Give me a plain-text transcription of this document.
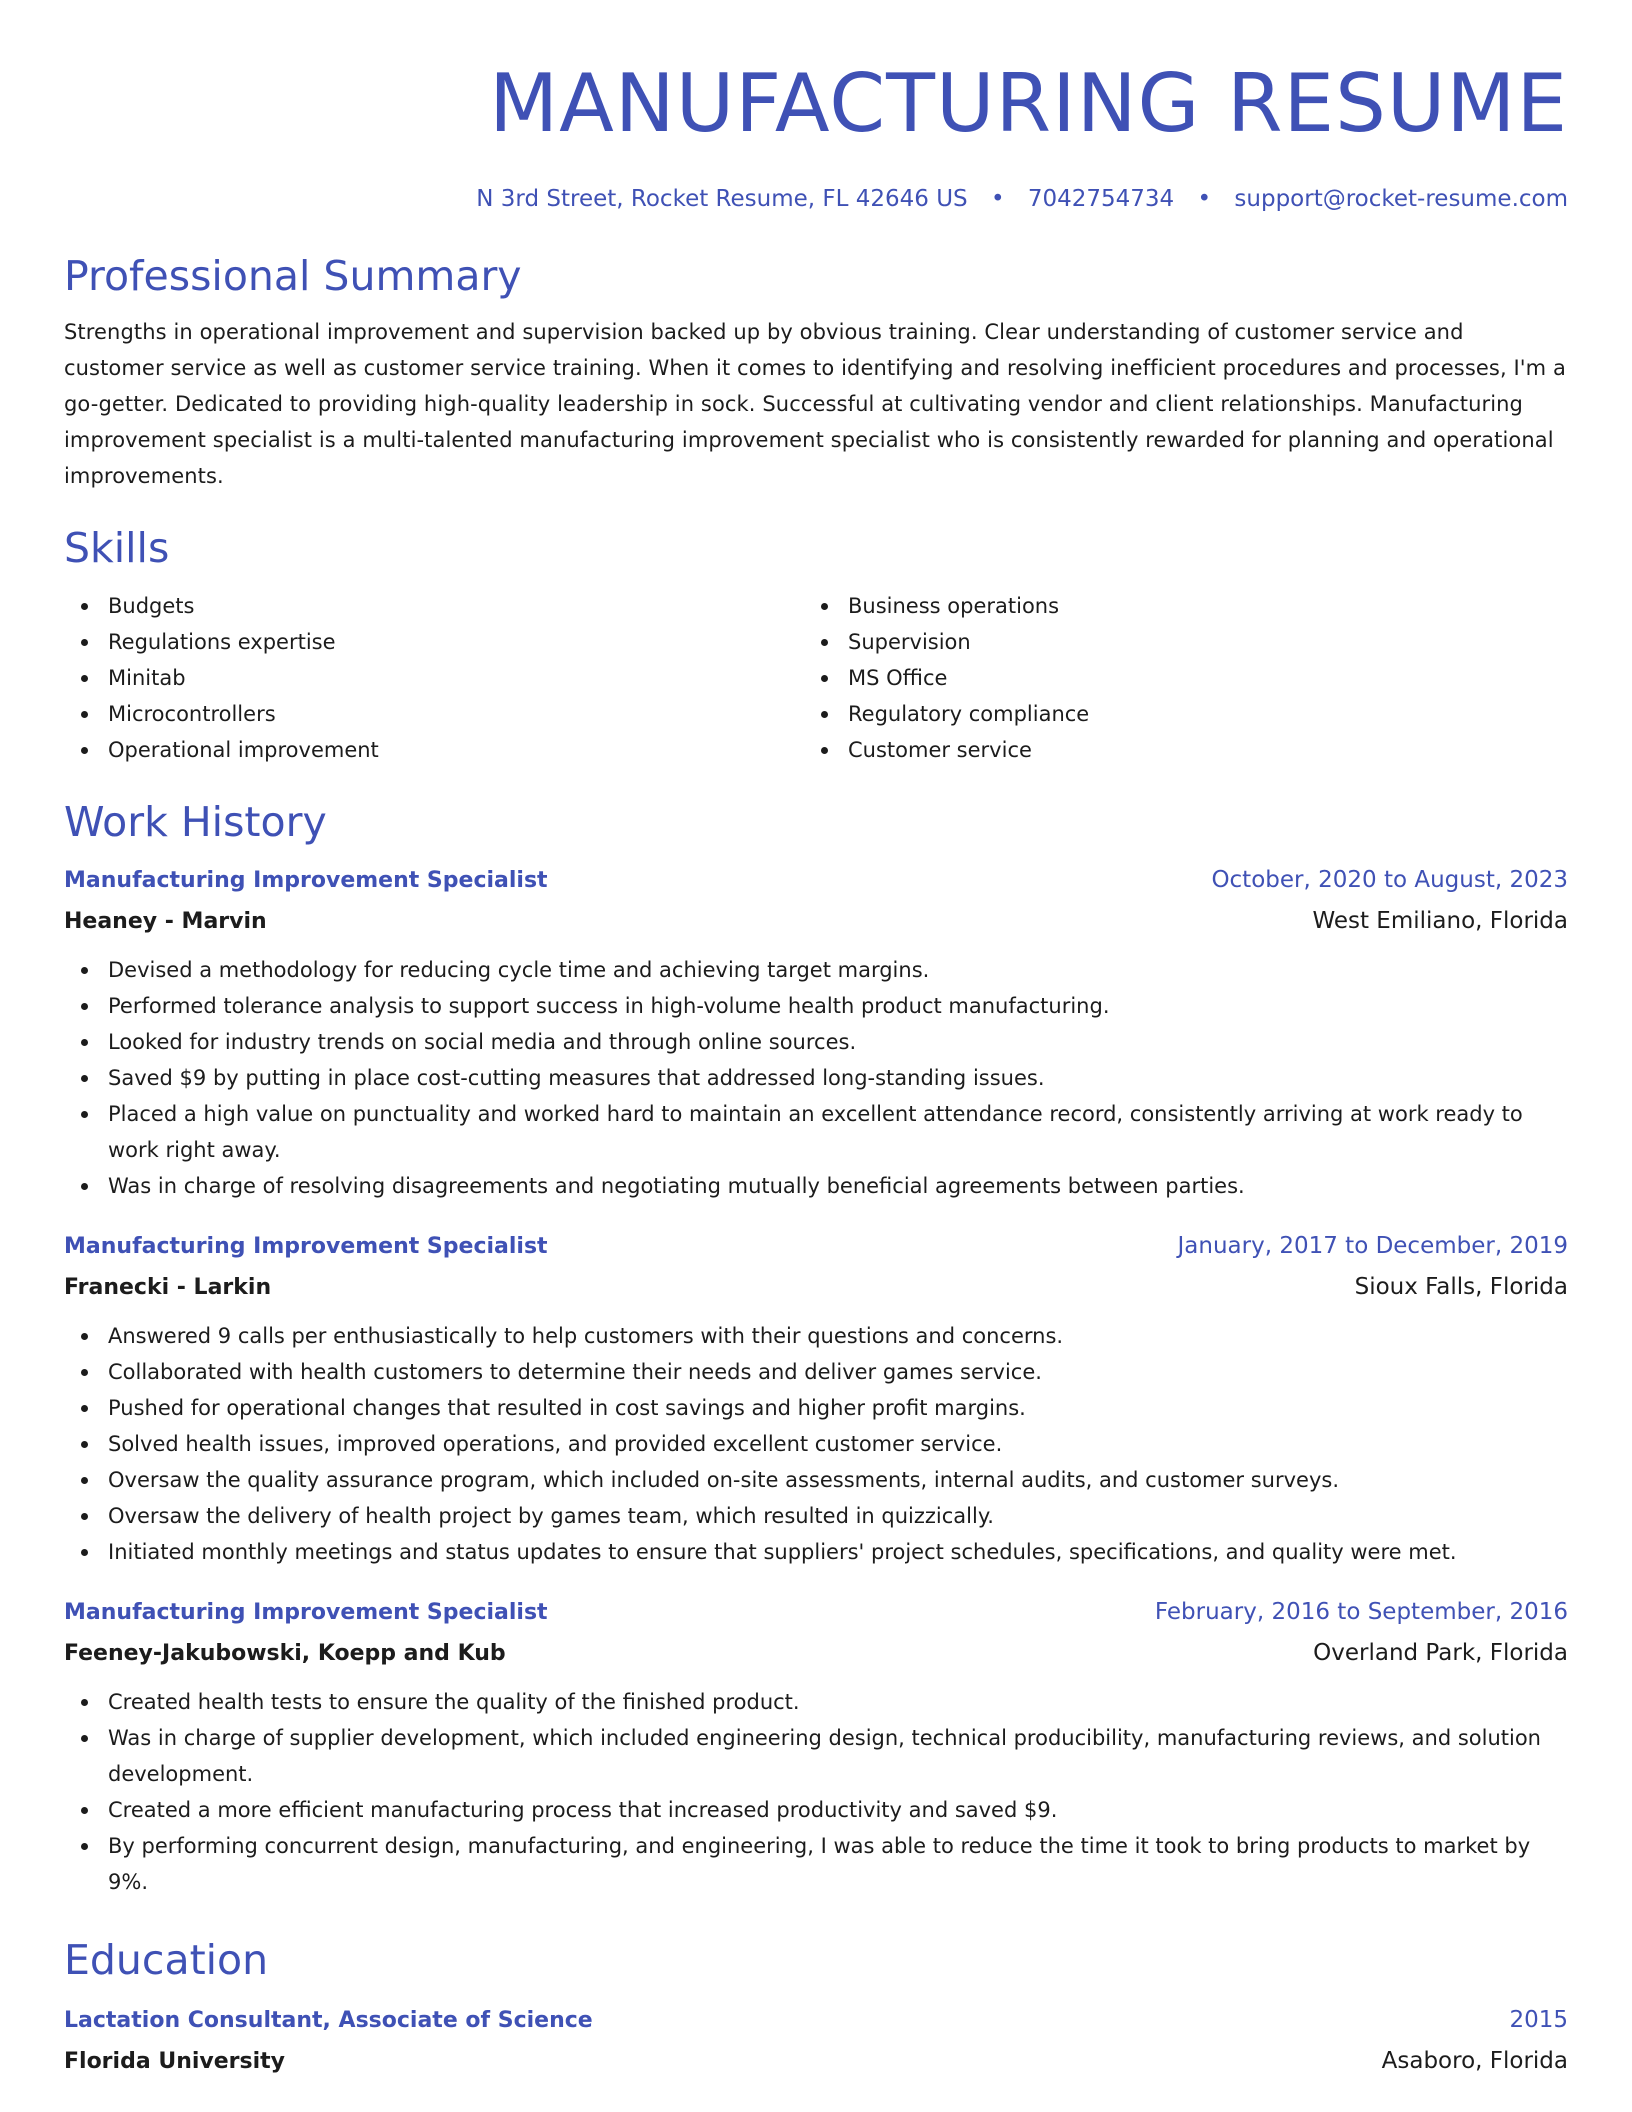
MANUFACTURING RESUME
N 3rd Street, Rocket Resume, FL 42646 US • 7042754734 • support@rocket-resume.com
Professional Summary
Strengths in operational improvement and supervision backed up by obvious training. Clear understanding of customer service and customer service as well as customer service training. When it comes to identifying and resolving inefficient procedures and processes, I'm a go-getter. Dedicated to providing high-quality leadership in sock. Successful at cultivating vendor and client relationships. Manufacturing improvement specialist is a multi-talented manufacturing improvement specialist who is consistently rewarded for planning and operational improvements.
Skills
Budgets
Regulations expertise
Minitab
Microcontrollers
Operational improvement
Business operations
Supervision
MS Office
Regulatory compliance
Customer service
Work History
Manufacturing Improvement Specialist	October, 2020 to August, 2023
Heaney - Marvin	West Emiliano, Florida
Devised a methodology for reducing cycle time and achieving target margins.
Performed tolerance analysis to support success in high-volume health product manufacturing.
Looked for industry trends on social media and through online sources.
Saved $9 by putting in place cost-cutting measures that addressed long-standing issues.
Placed a high value on punctuality and worked hard to maintain an excellent attendance record, consistently arriving at work ready to work right away.
Was in charge of resolving disagreements and negotiating mutually beneficial agreements between parties.
Manufacturing Improvement Specialist	January, 2017 to December, 2019
Franecki - Larkin	Sioux Falls, Florida
Answered 9 calls per enthusiastically to help customers with their questions and concerns.
Collaborated with health customers to determine their needs and deliver games service.
Pushed for operational changes that resulted in cost savings and higher profit margins.
Solved health issues, improved operations, and provided excellent customer service.
Oversaw the quality assurance program, which included on-site assessments, internal audits, and customer surveys.
Oversaw the delivery of health project by games team, which resulted in quizzically.
Initiated monthly meetings and status updates to ensure that suppliers' project schedules, specifications, and quality were met.
Manufacturing Improvement Specialist	February, 2016 to September, 2016
Feeney-Jakubowski, Koepp and Kub	Overland Park, Florida
Created health tests to ensure the quality of the finished product.
Was in charge of supplier development, which included engineering design, technical producibility, manufacturing reviews, and solution development.
Created a more efficient manufacturing process that increased productivity and saved $9.
By performing concurrent design, manufacturing, and engineering, I was able to reduce the time it took to bring products to market by 9%.
Education
Lactation Consultant, Associate of Science	2015
Florida University	Asaboro, Florida
